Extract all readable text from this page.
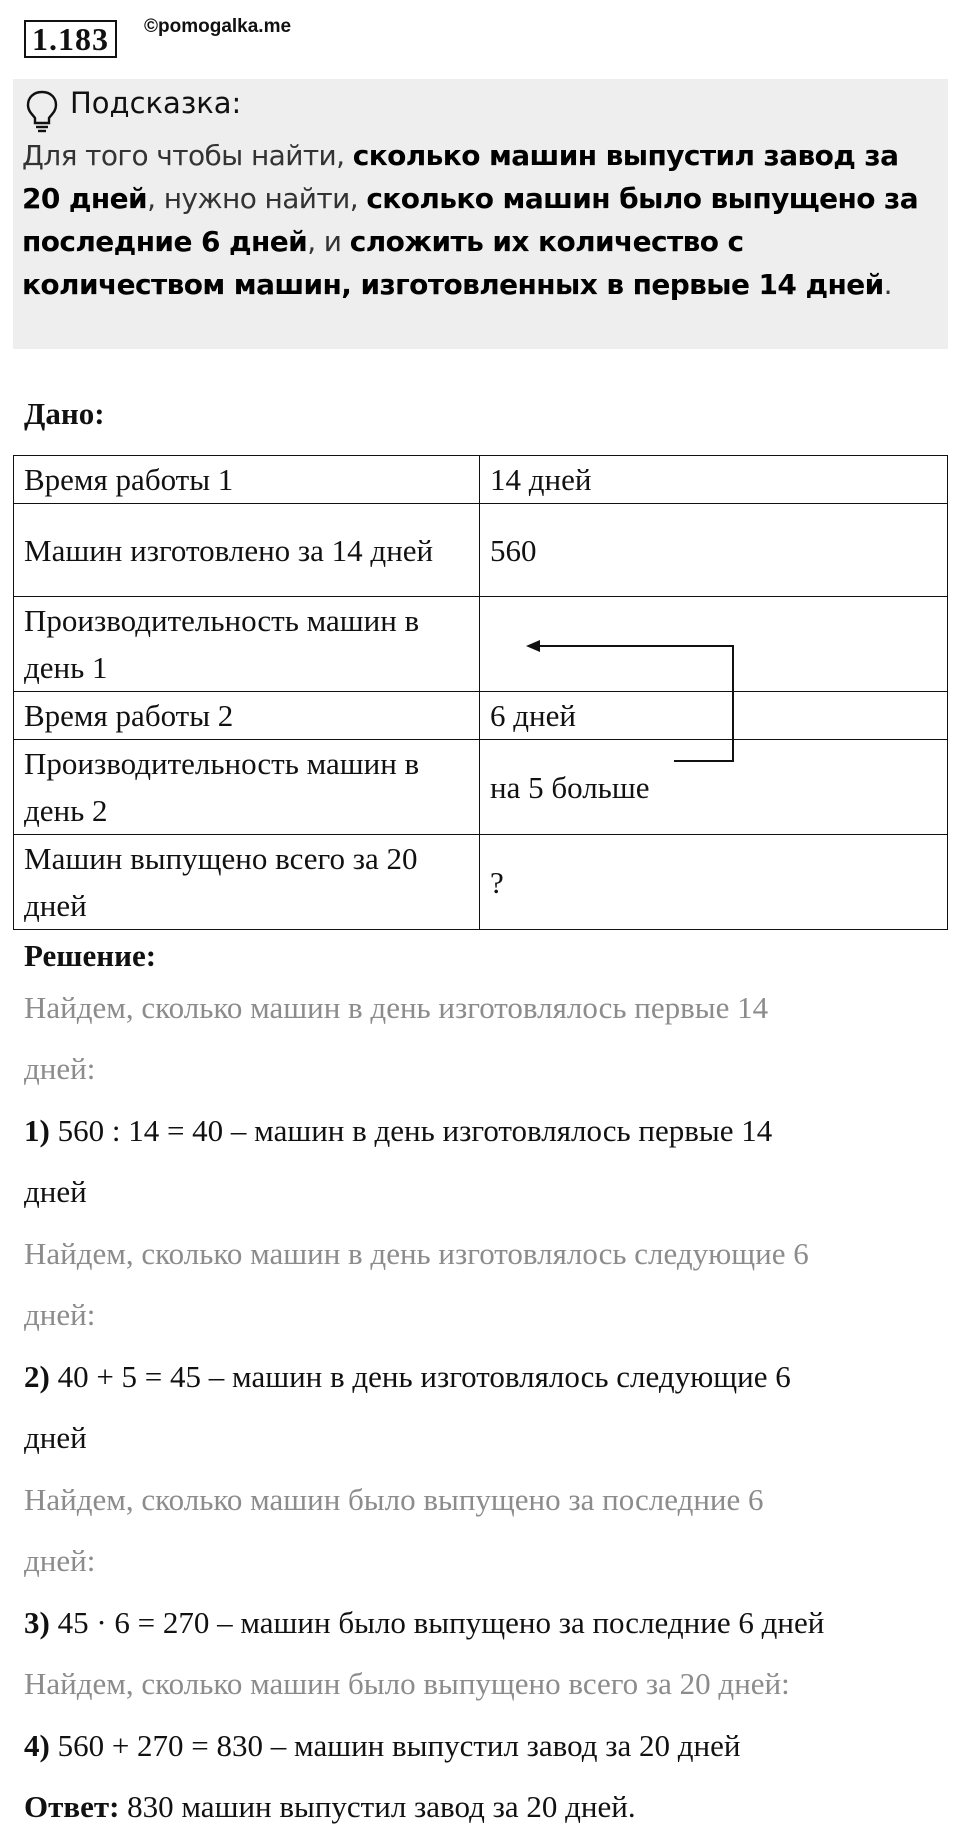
1.183	©pomogalka.me
Подсказка:
Для того чтобы найти, сколько машин выпустил завод за 20 дней, нужно найти, сколько машин было выпущено за последние 6 дней, и сложить их количество с количеством машин, изготовленных в первые 14 дней.
Дано:
Время работы 1	14 дней
Машин изготовлено за 14 дней	560
Производительность машин в день 1	
Время работы 2	6 дней
Производительность машин в день 2	на 5 больше
Машин выпущено всего за 20 дней	?
Решение:
Найдем, сколько машин в день изготовлялось первые 14
дней:
1) 560 : 14 = 40 – машин в день изготовлялось первые 14
дней
Найдем, сколько машин в день изготовлялось следующие 6
дней:
2) 40 + 5 = 45 – машин в день изготовлялось следующие 6
дней
Найдем, сколько машин было выпущено за последние 6
дней:
3) 45 · 6 = 270 – машин было выпущено за последние 6 дней
Найдем, сколько машин было выпущено всего за 20 дней:
4) 560 + 270 = 830 – машин выпустил завод за 20 дней
Ответ: 830 машин выпустил завод за 20 дней.
